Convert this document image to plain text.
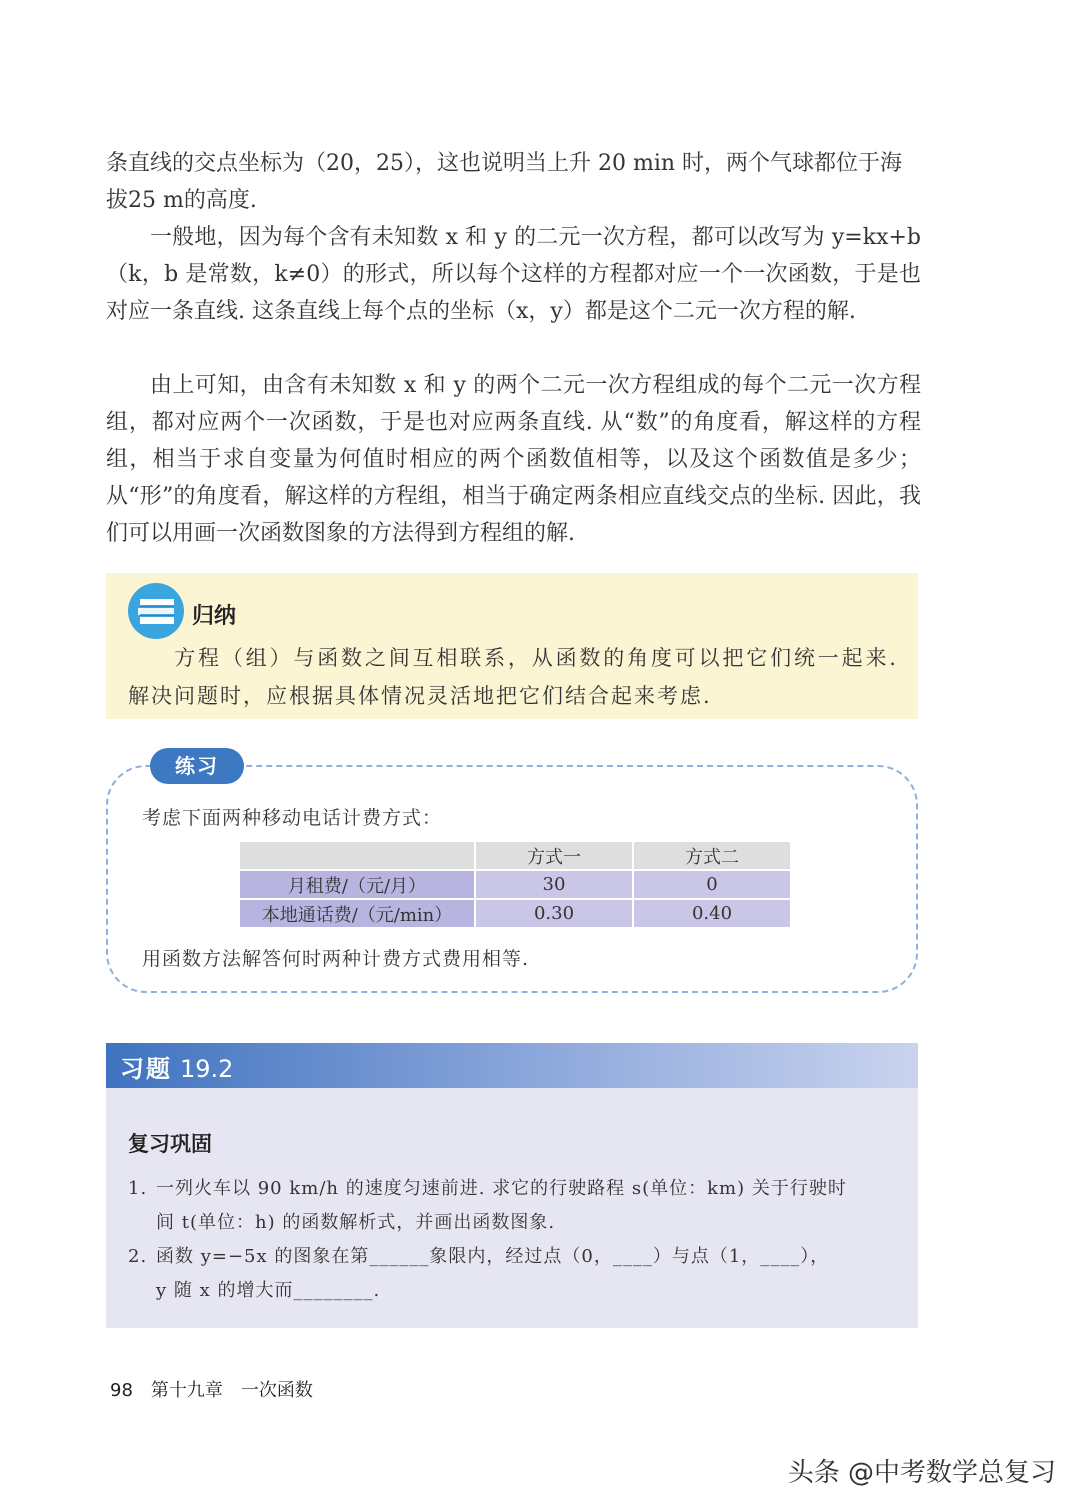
条直线的交点坐标为（20，25），这也说明当上升 20 min 时，两个气球都位于海
拔25 m的高度.

一般地，因为每个含有未知数 x 和 y 的二元一次方程，都可以改写为 y=kx+b（k，b 是常数，k≠0）的形式，所以每个这样的方程都对应一个一次函数，于是也对应一条直线. 这条直线上每个点的坐标（x，y）都是这个二元一次方程的解.

由上可知，由含有未知数 x 和 y 的两个二元一次方程组成的每个二元一次方程组，都对应两个一次函数，于是也对应两条直线. 从“数”的角度看，解这样的方程组，相当于求自变量为何值时相应的两个函数值相等，以及这个函数值是多少；从“形”的角度看，解这样的方程组，相当于确定两条相应直线交点的坐标. 因此，我们可以用画一次函数图象的方法得到方程组的解.

归纳

方程（组）与函数之间互相联系，从函数的角度可以把它们统一起来. 解决问题时，应根据具体情况灵活地把它们结合起来考虑.

练习

考虑下面两种移动电话计费方式：

	方式一	方式二
月租费/（元/月）	30	0
本地通话费/（元/min）	0.30	0.40

用函数方法解答何时两种计费方式费用相等.

习题 19.2
复习巩固

1. 一列火车以 90 km/h 的速度匀速前进. 求它的行驶路程 s(单位：km) 关于行驶时
间 t(单位：h) 的函数解析式，并画出函数图象.

2. 函数 y=−5x 的图象在第______象限内，经过点（0，____）与点（1，____），
y 随 x 的增大而________.

98 第十九章　一次函数
头条 @中考数学总复习
